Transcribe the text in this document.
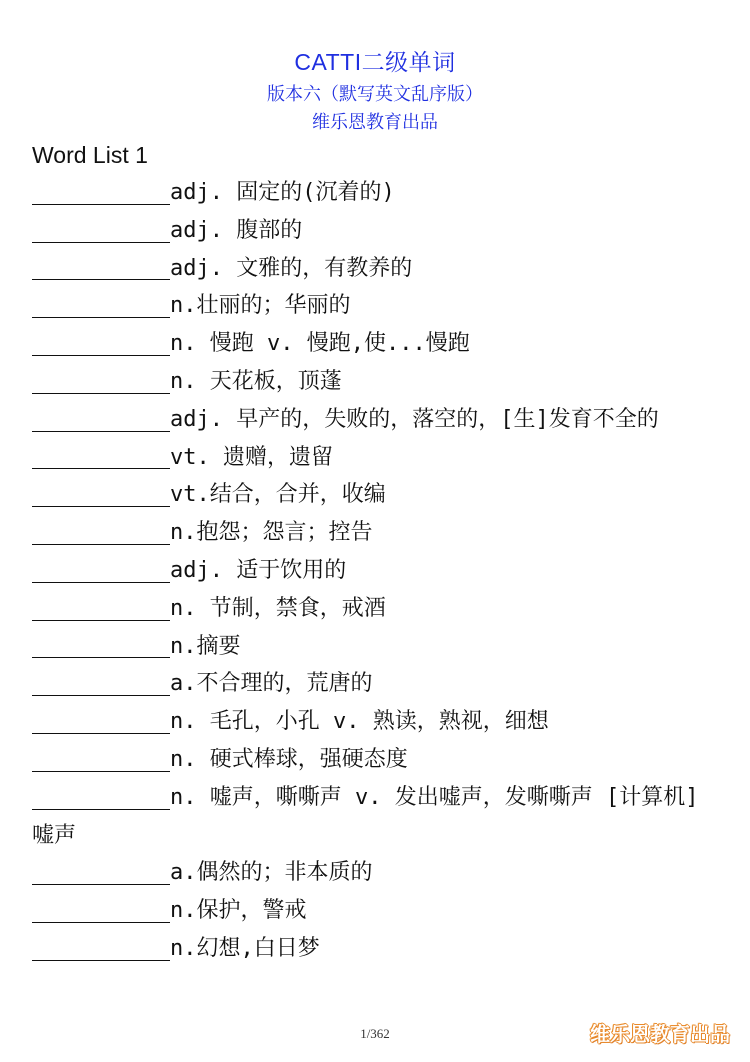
CATTI二级单词
版本六（默写英文乱序版）
维乐恩教育出品
Word List 1
adj. 固定的(沉着的)
adj. 腹部的
adj. 文雅的，有教养的
n.壮丽的；华丽的
n. 慢跑 v. 慢跑,使...慢跑
n. 天花板，顶蓬
adj. 早产的，失败的，落空的，[生]发育不全的
vt. 遗赠，遗留
vt.结合，合并，收编
n.抱怨；怨言；控告
adj. 适于饮用的
n. 节制，禁食，戒酒
n.摘要
a.不合理的，荒唐的
n. 毛孔，小孔 v. 熟读，熟视，细想
n. 硬式棒球，强硬态度
n. 嘘声，嘶嘶声 v. 发出嘘声，发嘶嘶声 [计算机] 嘘声
a.偶然的；非本质的
n.保护，警戒
n.幻想,白日梦
1/362	维乐恩教育出品
